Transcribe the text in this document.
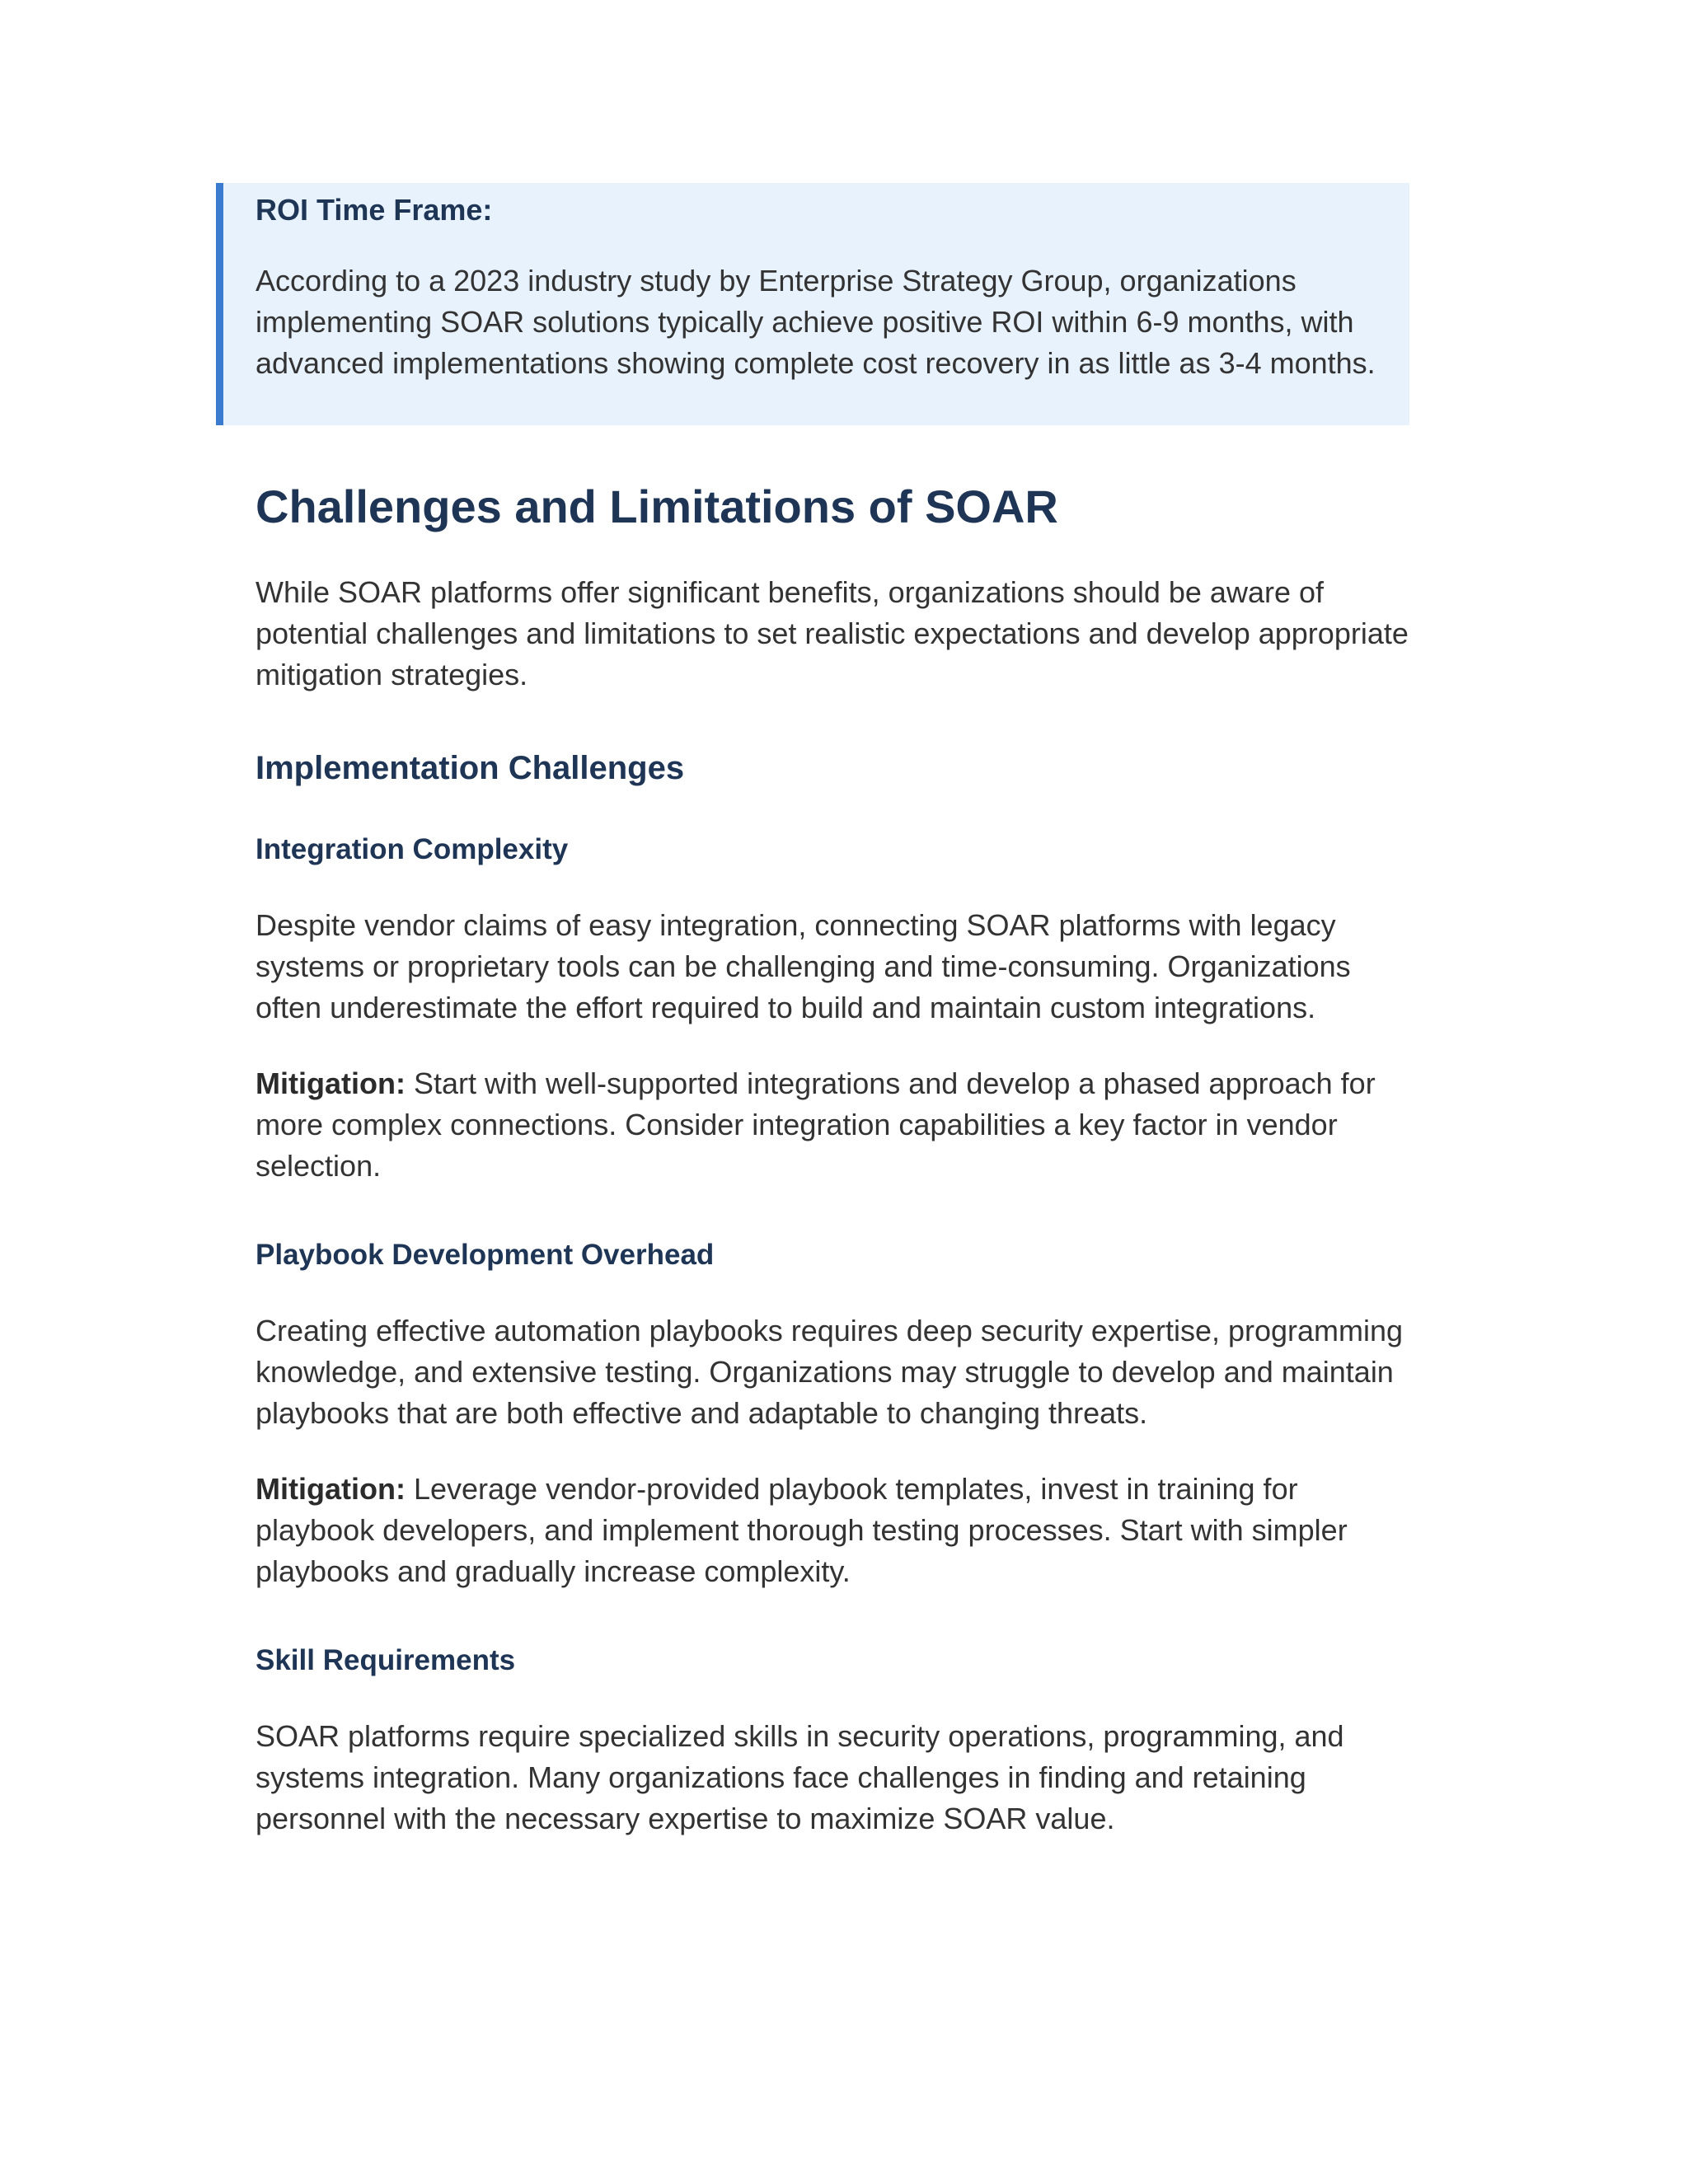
ROI Time Frame:

According to a 2023 industry study by Enterprise Strategy Group, organizations implementing SOAR solutions typically achieve positive ROI within 6-9 months, with advanced implementations showing complete cost recovery in as little as 3-4 months.

Challenges and Limitations of SOAR

While SOAR platforms offer significant benefits, organizations should be aware of potential challenges and limitations to set realistic expectations and develop appropriate mitigation strategies.

Implementation Challenges
Integration Complexity

Despite vendor claims of easy integration, connecting SOAR platforms with legacy systems or proprietary tools can be challenging and time-consuming. Organizations often underestimate the effort required to build and maintain custom integrations.

Mitigation: Start with well-supported integrations and develop a phased approach for more complex connections. Consider integration capabilities a key factor in vendor selection.

Playbook Development Overhead

Creating effective automation playbooks requires deep security expertise, programming knowledge, and extensive testing. Organizations may struggle to develop and maintain playbooks that are both effective and adaptable to changing threats.

Mitigation: Leverage vendor-provided playbook templates, invest in training for playbook developers, and implement thorough testing processes. Start with simpler playbooks and gradually increase complexity.

Skill Requirements

SOAR platforms require specialized skills in security operations, programming, and systems integration. Many organizations face challenges in finding and retaining personnel with the necessary expertise to maximize SOAR value.
